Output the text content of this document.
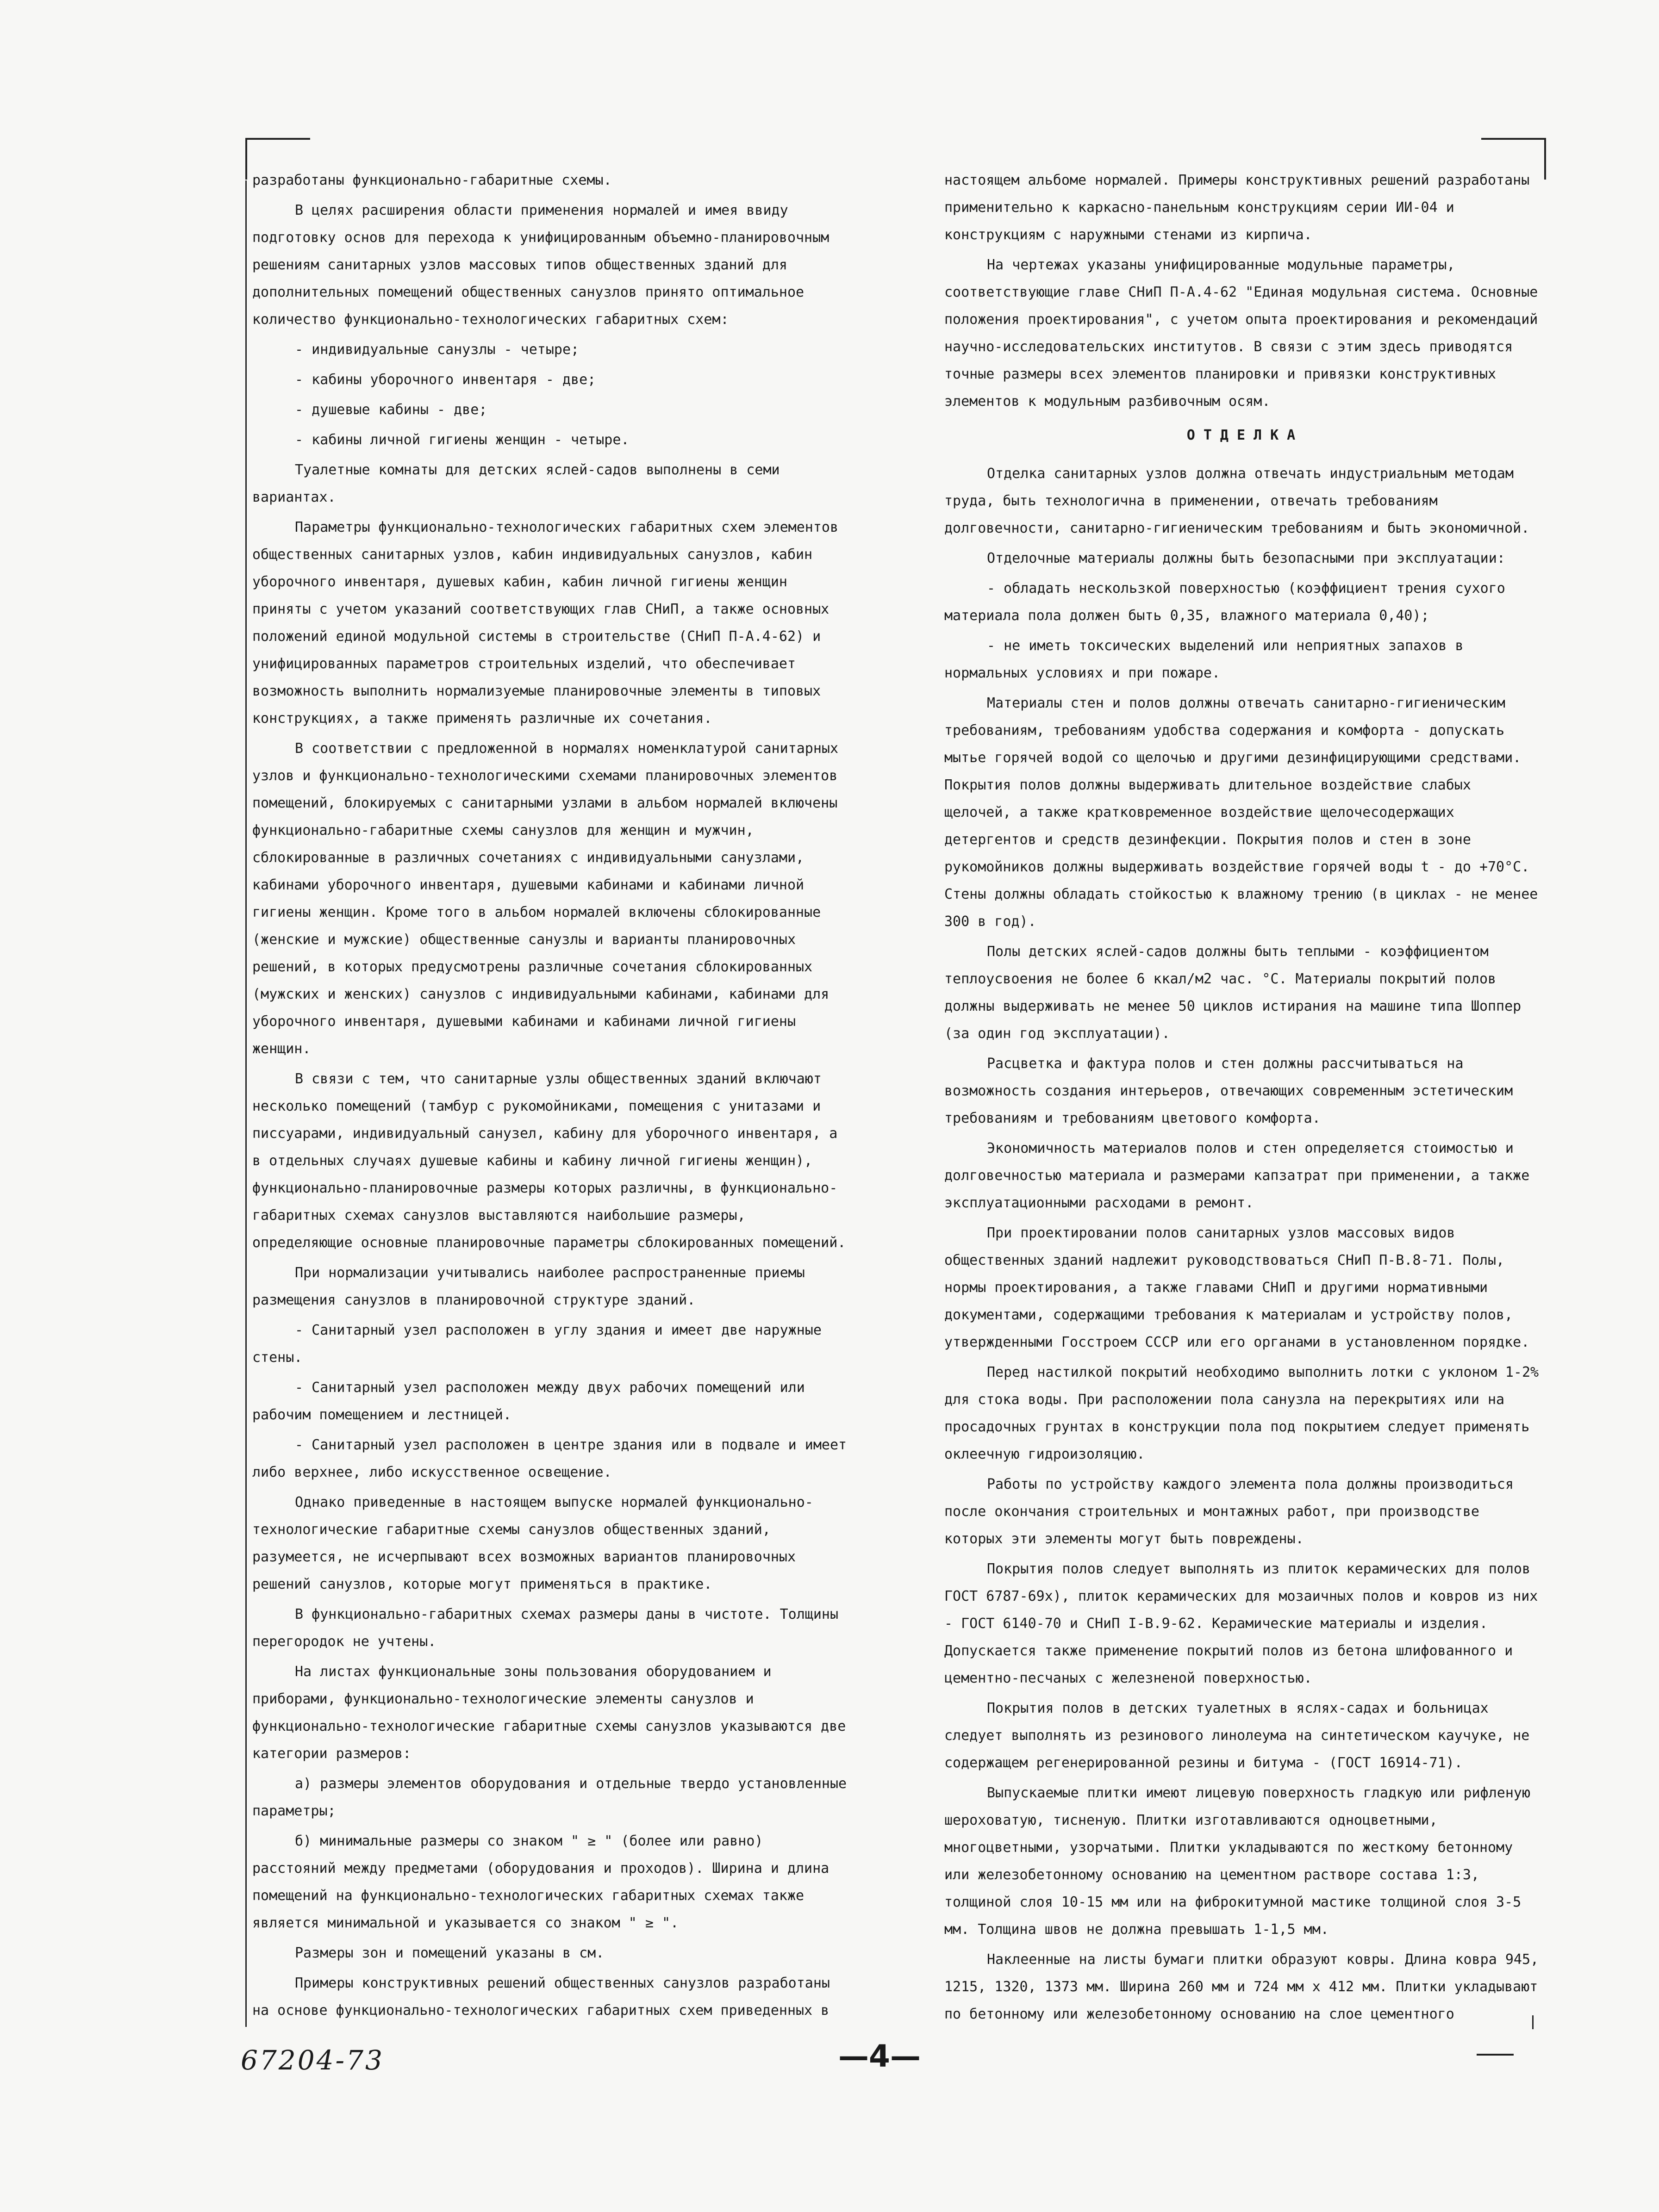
разработаны функционально-габаритные схемы.

В целях расширения области применения нормалей и имея ввиду подготовку основ для перехода к унифицированным объемно-планировочным решениям санитарных узлов массовых типов общественных зданий для дополнительных помещений общественных санузлов принято оптимальное количество функционально-технологических габаритных схем:

- индивидуальные санузлы - четыре;

- кабины уборочного инвентаря - две;

- душевые кабины - две;

- кабины личной гигиены женщин - четыре.

Туалетные комнаты для детских яслей-садов выполнены в семи вариантах.

Параметры функционально-технологических габаритных схем элементов общественных санитарных узлов, кабин индивидуальных санузлов, кабин уборочного инвентаря, душевых кабин, кабин личной гигиены женщин приняты с учетом указаний соответствующих глав СНиП, а также основных положений единой модульной системы в строительстве (СНиП П-А.4-62) и унифицированных параметров строительных изделий, что обеспечивает возможность выполнить нормализуемые планировочные элементы в типовых конструкциях, а также применять различные их сочетания.

В соответствии с предложенной в нормалях номенклатурой санитарных узлов и функционально-технологическими схемами планировочных элементов помещений, блокируемых с санитарными узлами в альбом нормалей включены функционально-габаритные схемы санузлов для женщин и мужчин, сблокированные в различных сочетаниях с индивидуальными санузлами, кабинами уборочного инвентаря, душевыми кабинами и кабинами личной гигиены женщин. Кроме того в альбом нормалей включены сблокированные (женские и мужские) общественные санузлы и варианты планировочных решений, в которых предусмотрены различные сочетания сблокированных (мужских и женских) санузлов с индивидуальными кабинами, кабинами для уборочного инвентаря, душевыми кабинами и кабинами личной гигиены женщин.

В связи с тем, что санитарные узлы общественных зданий включают несколько помещений (тамбур с рукомойниками, помещения с унитазами и писсуарами, индивидуальный санузел, кабину для уборочного инвентаря, а в отдельных случаях душевые кабины и кабину личной гигиены женщин), функционально-планировочные размеры которых различны, в функционально-габаритных схемах санузлов выставляются наибольшие размеры, определяющие основные планировочные параметры сблокированных помещений.

При нормализации учитывались наиболее распространенные приемы размещения санузлов в планировочной структуре зданий.

- Санитарный узел расположен в углу здания и имеет две наружные стены.

- Санитарный узел расположен между двух рабочих помещений или рабочим помещением и лестницей.

- Санитарный узел расположен в центре здания или в подвале и имеет либо верхнее, либо искусственное освещение.

Однако приведенные в настоящем выпуске нормалей функционально-технологические габаритные схемы санузлов общественных зданий, разумеется, не исчерпывают всех возможных вариантов планировочных решений санузлов, которые могут применяться в практике.

В функционально-габаритных схемах размеры даны в чистоте. Толщины перегородок не учтены.

На листах функциональные зоны пользования оборудованием и приборами, функционально-технологические элементы санузлов и функционально-технологические габаритные схемы санузлов указываются две категории размеров:

а) размеры элементов оборудования и отдельные твердо установленные параметры;

б) минимальные размеры со знаком " ≥ " (более или равно) расстояний между предметами (оборудования и проходов). Ширина и длина помещений на функционально-технологических габаритных схемах также является минимальной и указывается со знаком " ≥ ".

Размеры зон и помещений указаны в см.

Примеры конструктивных решений общественных санузлов разработаны на основе функционально-технологических габаритных схем приведенных в

настоящем альбоме нормалей. Примеры конструктивных решений разработаны применительно к каркасно-панельным конструкциям серии ИИ-04 и конструкциям с наружными стенами из кирпича.

На чертежах указаны унифицированные модульные параметры, соответствующие главе СНиП П-А.4-62 "Единая модульная система. Основные положения проектирования", с учетом опыта проектирования и рекомендаций научно-исследовательских институтов. В связи с этим здесь приводятся точные размеры всех элементов планировки и привязки конструктивных элементов к модульным разбивочным осям.

ОТДЕЛКА

Отделка санитарных узлов должна отвечать индустриальным методам труда, быть технологична в применении, отвечать требованиям долговечности, санитарно-гигиеническим требованиям и быть экономичной.

Отделочные материалы должны быть безопасными при эксплуатации:

- обладать нескользкой поверхностью (коэффициент трения сухого материала пола должен быть 0,35, влажного материала 0,40);

- не иметь токсических выделений или неприятных запахов в нормальных условиях и при пожаре.

Материалы стен и полов должны отвечать санитарно-гигиеническим требованиям, требованиям удобства содержания и комфорта - допускать мытье горячей водой со щелочью и другими дезинфицирующими средствами. Покрытия полов должны выдерживать длительное воздействие слабых щелочей, а также кратковременное воздействие щелочесодержащих детергентов и средств дезинфекции. Покрытия полов и стен в зоне рукомойников должны выдерживать воздействие горячей воды t - до +70°С. Стены должны обладать стойкостью к влажному трению (в циклах - не менее 300 в год).

Полы детских яслей-садов должны быть теплыми - коэффициентом теплоусвоения не более 6 ккал/м2 час. °С. Материалы покрытий полов должны выдерживать не менее 50 циклов истирания на машине типа Шоппер (за один год эксплуатации).

Расцветка и фактура полов и стен должны рассчитываться на возможность создания интерьеров, отвечающих современным эстетическим требованиям и требованиям цветового комфорта.

Экономичность материалов полов и стен определяется стоимостью и долговечностью материала и размерами капзатрат при применении, а также эксплуатационными расходами в ремонт.

При проектировании полов санитарных узлов массовых видов общественных зданий надлежит руководствоваться СНиП П-В.8-71. Полы, нормы проектирования, а также главами СНиП и другими нормативными документами, содержащими требования к материалам и устройству полов, утвержденными Госстроем СССР или его органами в установленном порядке.

Перед настилкой покрытий необходимо выполнить лотки с уклоном 1-2% для стока воды. При расположении пола санузла на перекрытиях или на просадочных грунтах в конструкции пола под покрытием следует применять оклеечную гидроизоляцию.

Работы по устройству каждого элемента пола должны производиться после окончания строительных и монтажных работ, при производстве которых эти элементы могут быть повреждены.

Покрытия полов следует выполнять из плиток керамических для полов ГОСТ 6787-69х), плиток керамических для мозаичных полов и ковров из них - ГОСТ 6140-70 и СНиП I-В.9-62. Керамические материалы и изделия. Допускается также применение покрытий полов из бетона шлифованного и цементно-песчаных с железненой поверхностью.

Покрытия полов в детских туалетных в яслях-садах и больницах следует выполнять из резинового линолеума на синтетическом каучуке, не содержащем регенерированной резины и битума - (ГОСТ 16914-71).

Выпускаемые плитки имеют лицевую поверхность гладкую или рифленую шероховатую, тисненую. Плитки изготавливаются одноцветными, многоцветными, узорчатыми. Плитки укладываются по жесткому бетонному или железобетонному основанию на цементном растворе состава 1:3, толщиной слоя 10-15 мм или на фиброкитумной мастике толщиной слоя 3-5 мм. Толщина швов не должна превышать 1-1,5 мм.

Наклеенные на листы бумаги плитки образуют ковры. Длина ковра 945, 1215, 1320, 1373 мм. Ширина 260 мм и 724 мм х 412 мм. Плитки укладывают по бетонному или железобетонному основанию на слое цементного

67204-73	—4—
